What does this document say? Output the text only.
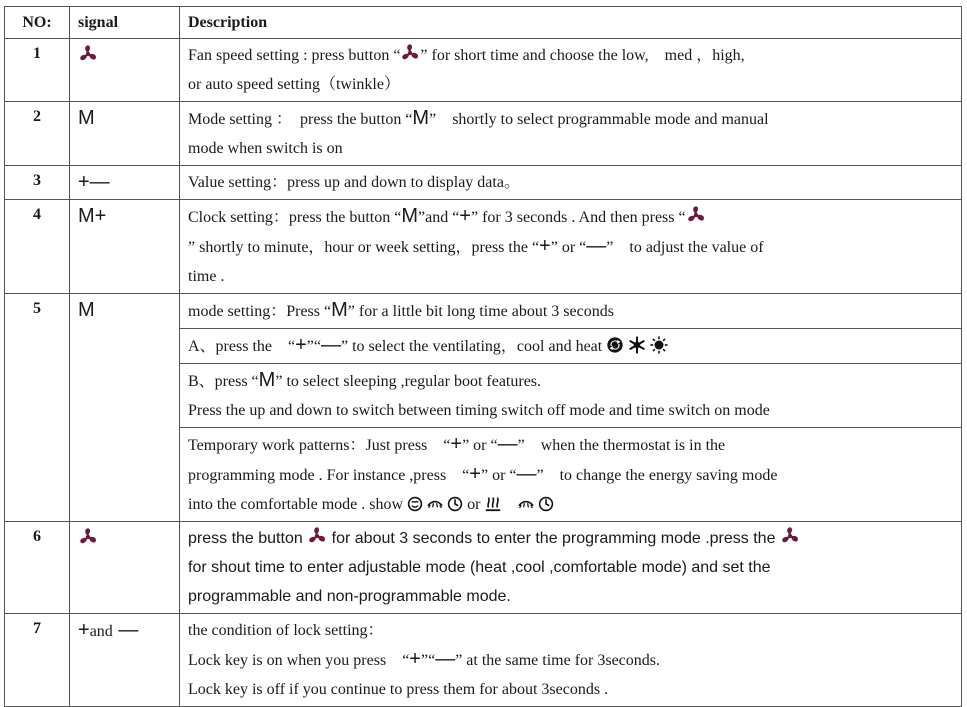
NO:	signal	Description
1		Fan speed setting : press button “ ” for short time and choose the low,　med ，high,
or auto speed setting（twinkle）

2	M	Mode setting ：　press the button “M”　shortly to select programmable mode and manual
mode when switch is on

3	+—	Value setting：press up and down to display data。

4	M+	Clock setting：press the button “M”and “+” for 3 seconds . And then press “
” shortly to minute，hour or week setting，press the “+” or “—”　to adjust the value of
time .

5	M	mode setting：Press “M” for a little bit long time about 3 seconds

		A、press the　“+”“—” to select the ventilating，cool and heat

		B、press “M” to select sleeping ,regular boot features.
Press the up and down to switch between timing switch off mode and time switch on mode

		Temporary work patterns：Just press　“+” or “—”　when the thermostat is in the
programming mode . For instance ,press　“+” or “—”　to change the energy saving mode
into the comfortable mode . show or

6		press the button for about 3 seconds to enter the programming mode .press the
for shout time to enter adjustable mode (heat ,cool ,comfortable mode) and set the
programmable and non-programmable mode.

7	+and —	the condition of lock setting：
Lock key is on when you press　“+”“—” at the same time for 3seconds.
Lock key is off if you continue to press them for about 3seconds .
